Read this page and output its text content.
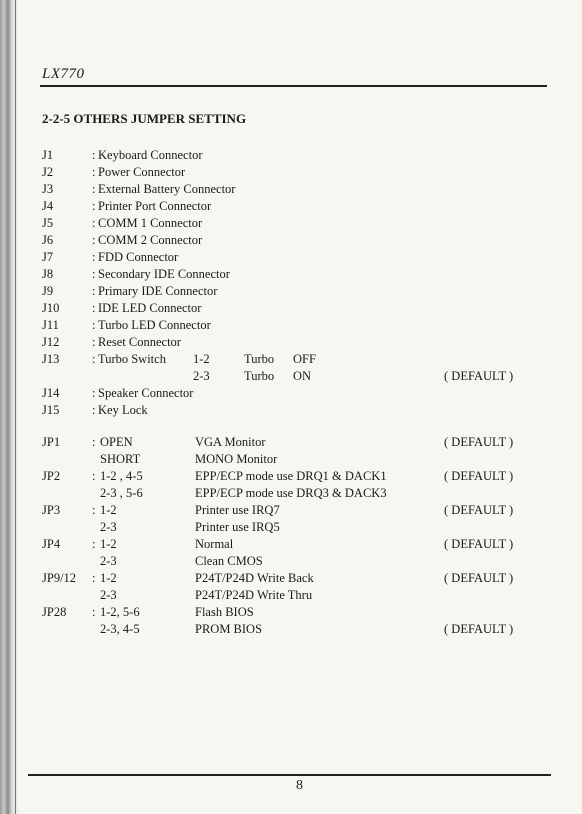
LX770
2-2-5 OTHERS JUMPER SETTING
J1	: Keyboard Connector
J2	: Power Connector
J3	: External Battery Connector
J4	: Printer Port Connector
J5	: COMM 1 Connector
J6	: COMM 2 Connector
J7	: FDD Connector
J8	: Secondary IDE Connector
J9	: Primary IDE Connector
J10	: IDE LED Connector
J11	: Turbo LED Connector
J12	: Reset Connector
J13	: Turbo Switch 1-2	Turbo OFF
2-3	Turbo ON	( DEFAULT )
J14	: Speaker Connector
J15	: Key Lock
JP1	: OPEN	VGA Monitor	( DEFAULT )
SHORT	MONO Monitor
JP2	: 1-2 , 4-5	EPP/ECP mode use DRQ1 & DACK1	( DEFAULT )
2-3 , 5-6	EPP/ECP mode use DRQ3 & DACK3
JP3	: 1-2	Printer use IRQ7	( DEFAULT )
2-3	Printer use IRQ5
JP4	: 1-2	Normal	( DEFAULT )
2-3	Clean CMOS
JP9/12 : 1-2	P24T/P24D Write Back	( DEFAULT )
2-3	P24T/P24D Write Thru
JP28 : 1-2, 5-6	Flash BIOS
2-3, 4-5	PROM BIOS	( DEFAULT )
8
